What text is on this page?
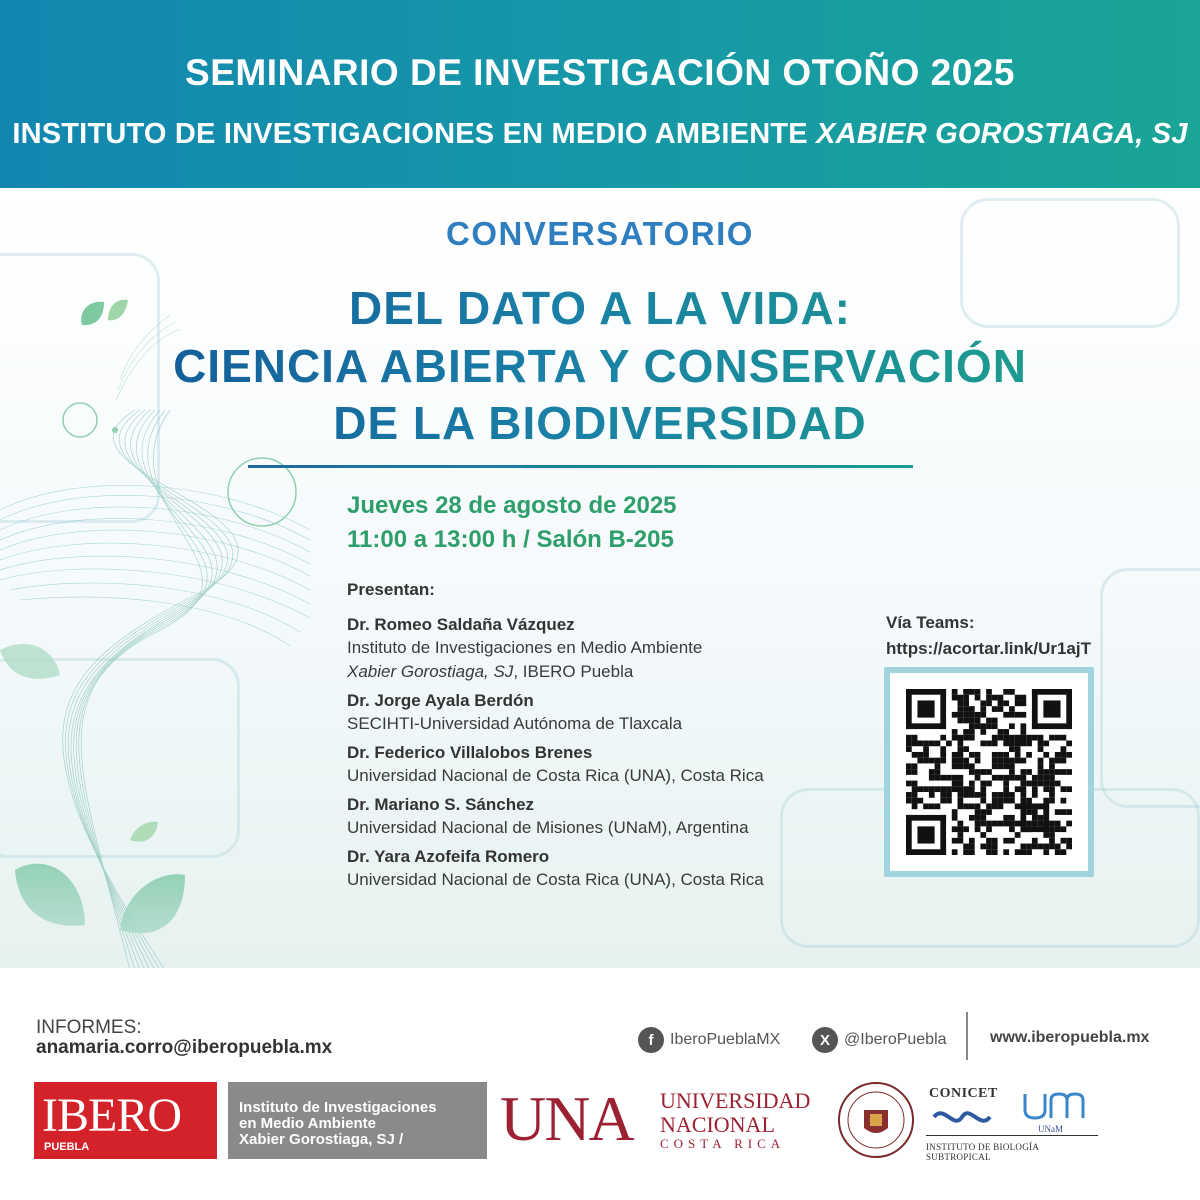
SEMINARIO DE INVESTIGACIÓN OTOÑO 2025
INSTITUTO DE INVESTIGACIONES EN MEDIO AMBIENTE XABIER GOROSTIAGA, SJ
CONVERSATORIO
DEL DATO A LA VIDA:
CIENCIA ABIERTA Y CONSERVACIÓN
DE LA BIODIVERSIDAD
Jueves 28 de agosto de 2025
11:00 a 13:00 h / Salón B-205
Presentan:
Dr. Romeo Saldaña Vázquez
Instituto de Investigaciones en Medio Ambiente
Xabier Gorostiaga, SJ, IBERO Puebla
Dr. Jorge Ayala Berdón
SECIHTI-Universidad Autónoma de Tlaxcala
Dr. Federico Villalobos Brenes
Universidad Nacional de Costa Rica (UNA), Costa Rica
Dr. Mariano S. Sánchez
Universidad Nacional de Misiones (UNaM), Argentina
Dr. Yara Azofeifa Romero
Universidad Nacional de Costa Rica (UNA), Costa Rica
Vía Teams:
https://acortar.link/Ur1ajT
INFORMES:
anamaria.corro@iberopuebla.mx	f	IberoPueblaMX	X @IberoPuebla	www.iberopuebla.mx
IBERO
PUEBLA
Instituto de Investigaciones
en Medio Ambiente
Xabier Gorostiaga, SJ /	UNA UNIVERSIDAD
NACIONAL
COSTA RICA
CONICET
UNaM
INSTITUTO DE BIOLOGÍA SUBTROPICAL
